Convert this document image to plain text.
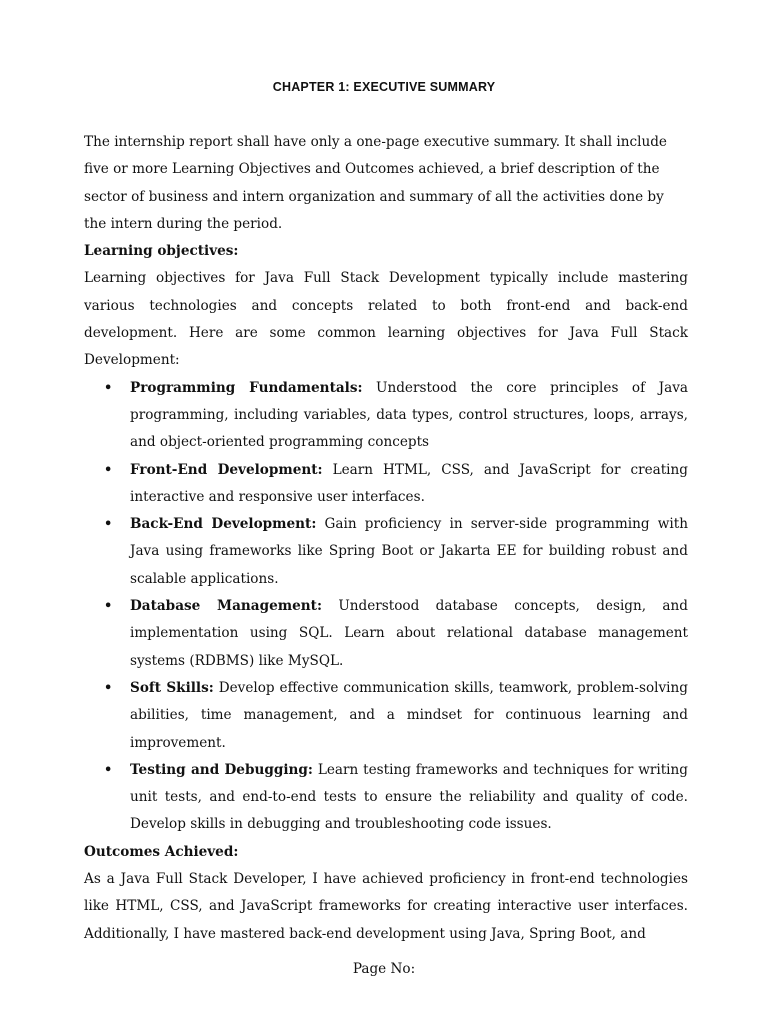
CHAPTER 1: EXECUTIVE SUMMARY

The internship report shall have only a one-page executive summary. It shall include five or more Learning Objectives and Outcomes achieved, a brief description of the sector of business and intern organization and summary of all the activities done by the intern during the period.

Learning objectives:

Learning objectives for Java Full Stack Development typically include mastering various technologies and concepts related to both front-end and back-end development. Here are some common learning objectives for Java Full Stack Development:

• Programming Fundamentals: Understood the core principles of Java programming, including variables, data types, control structures, loops, arrays, and object-oriented programming concepts
• Front-End Development: Learn HTML, CSS, and JavaScript for creating interactive and responsive user interfaces.
• Back-End Development: Gain proficiency in server-side programming with Java using frameworks like Spring Boot or Jakarta EE for building robust and scalable applications.
• Database Management: Understood database concepts, design, and implementation using SQL. Learn about relational database management systems (RDBMS) like MySQL.
• Soft Skills: Develop effective communication skills, teamwork, problem-solving abilities, time management, and a mindset for continuous learning and improvement.
• Testing and Debugging: Learn testing frameworks and techniques for writing unit tests, and end-to-end tests to ensure the reliability and quality of code. Develop skills in debugging and troubleshooting code issues.

Outcomes Achieved:

As a Java Full Stack Developer, I have achieved proficiency in front-end technologies like HTML, CSS, and JavaScript frameworks for creating interactive user interfaces. Additionally, I have mastered back-end development using Java, Spring Boot, and

Page No:
